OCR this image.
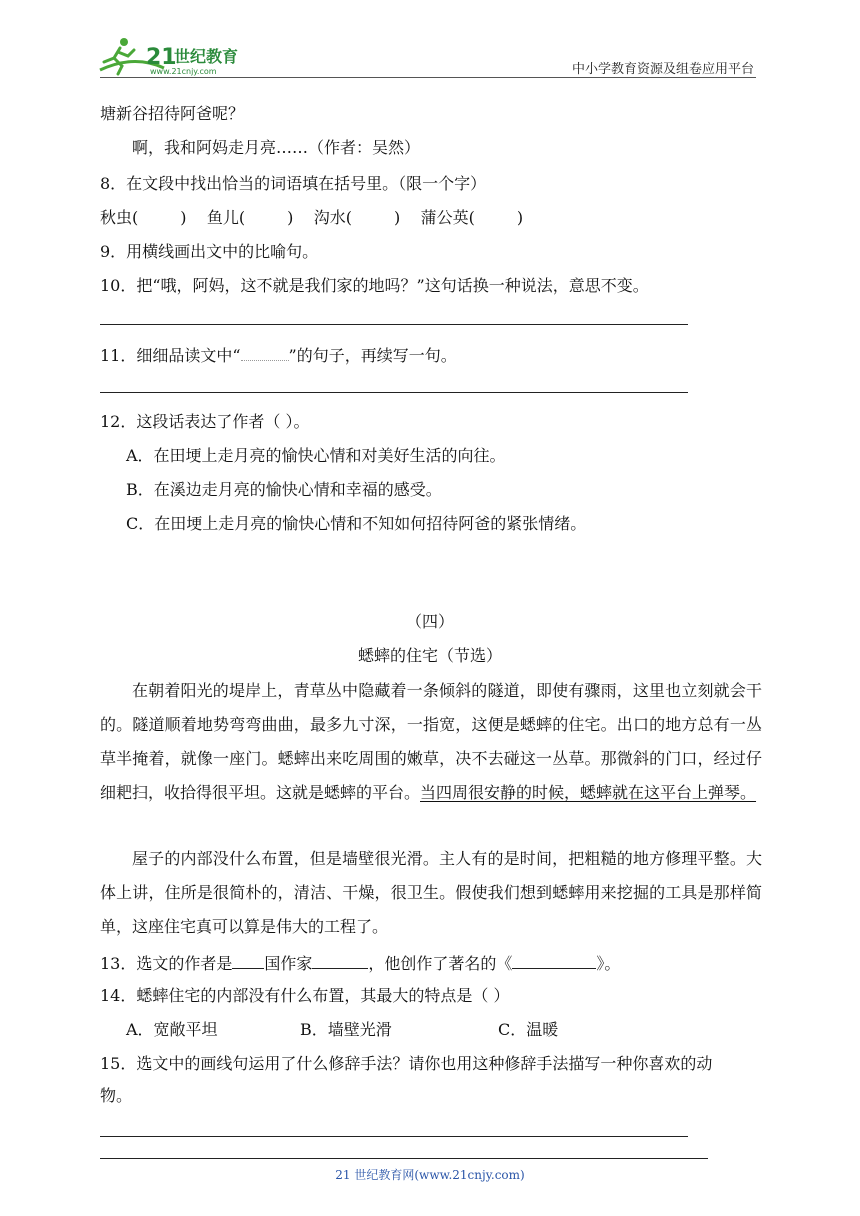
21
世纪教育
www.21cnjy.com	中小学教育资源及组卷应用平台
塘新谷招待阿爸呢？
啊，我和阿妈走月亮……（作者：吴然）
8．在文段中找出恰当的词语填在括号里。（限一个字）
秋虫(	)    鱼儿(	)    沟水(	)    蒲公英(	)
9．用横线画出文中的比喻句。
10．把“哦，阿妈，这不就是我们家的地吗？”这句话换一种说法，意思不变。
11．细细品读文中“	”的句子，再续写一句。
12．这段话表达了作者（ ）。
A．在田埂上走月亮的愉快心情和对美好生活的向往。
B．在溪边走月亮的愉快心情和幸福的感受。
C．在田埂上走月亮的愉快心情和不知如何招待阿爸的紧张情绪。
（四）
蟋蟀的住宅（节选）
在朝着阳光的堤岸上，青草丛中隐藏着一条倾斜的隧道，即使有骤雨，这里也立刻就会干的。隧道顺着地势弯弯曲曲，最多九寸深，一指宽，这便是蟋蟀的住宅。出口的地方总有一丛草半掩着，就像一座门。蟋蟀出来吃周围的嫩草，决不去碰这一丛草。那微斜的门口，经过仔细耙扫，收拾得很平坦。这就是蟋蟀的平台。当四周很安静的时候，蟋蟀就在这平台上弹琴。
屋子的内部没什么布置，但是墙壁很光滑。主人有的是时间，把粗糙的地方修理平整。大体上讲，住所是很简朴的，清洁、干燥，很卫生。假使我们想到蟋蟀用来挖掘的工具是那样简单，这座住宅真可以算是伟大的工程了。
13．选文的作者是 国作家	，他创作了著名的《	》。
14．蟋蟀住宅的内部没有什么布置，其最大的特点是（ ）
A．宽敞平坦	B．墙壁光滑	C．温暖
15．选文中的画线句运用了什么修辞手法？请你也用这种修辞手法描写一种你喜欢的动
物。
21 世纪教育网(www.21cnjy.com)
